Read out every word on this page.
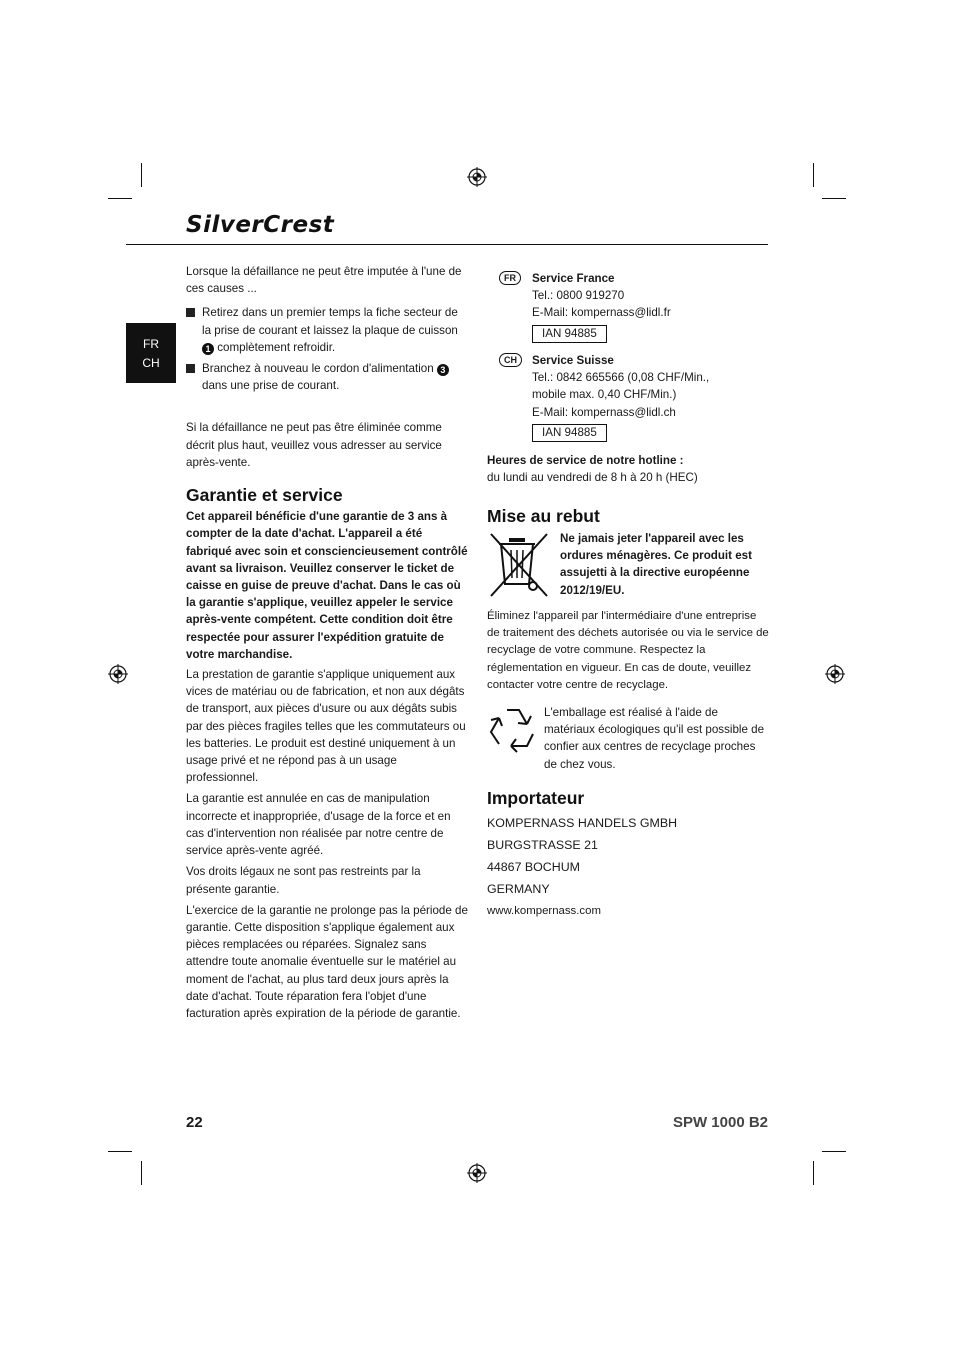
SilverCrest
FR
CH

Lorsque la défaillance ne peut être imputée à l'une de ces causes ...

Retirez dans un premier temps la fiche secteur de la prise de courant et laissez la plaque de cuisson 1 complètement refroidir.
Branchez à nouveau le cordon d'alimentation 3 dans une prise de courant.

Si la défaillance ne peut pas être éliminée comme décrit plus haut, veuillez vous adresser au service après-vente.

Garantie et service

Cet appareil bénéficie d'une garantie de 3 ans à compter de la date d'achat. L'appareil a été fabriqué avec soin et consciencieusement contrôlé avant sa livraison. Veuillez conserver le ticket de caisse en guise de preuve d'achat. Dans le cas où la garantie s'applique, veuillez appeler le service après-vente compétent. Cette condition doit être respectée pour assurer l'expédition gratuite de votre marchandise.

La prestation de garantie s'applique uniquement aux vices de matériau ou de fabrication, et non aux dégâts de transport, aux pièces d'usure ou aux dégâts subis par des pièces fragiles telles que les commutateurs ou les batteries. Le produit est destiné uniquement à un usage privé et ne répond pas à un usage professionnel.

La garantie est annulée en cas de manipulation incorrecte et inappropriée, d'usage de la force et en cas d'intervention non réalisée par notre centre de service après-vente agréé.

Vos droits légaux ne sont pas restreints par la présente garantie.

L'exercice de la garantie ne prolonge pas la période de garantie. Cette disposition s'applique également aux pièces remplacées ou réparées. Signalez sans attendre toute anomalie éventuelle sur le matériel au moment de l'achat, au plus tard deux jours après la date d'achat. Toute réparation fera l'objet d'une facturation après expiration de la période de garantie.

FR	Service France
Tel.: 0800 919270
E-Mail: kompernass@lidl.fr
IAN 94885
CH	Service Suisse
Tel.: 0842 665566 (0,08 CHF/Min.,
mobile max. 0,40 CHF/Min.)
E-Mail: kompernass@lidl.ch
IAN 94885
Heures de service de notre hotline :
du lundi au vendredi de 8 h à 20 h (HEC)
Mise au rebut
Ne jamais jeter l'appareil avec les ordures ménagères. Ce produit est assujetti à la directive européenne 2012/19/EU.
Éliminez l'appareil par l'intermédiaire d'une entreprise de traitement des déchets autorisée ou via le service de recyclage de votre commune. Respectez la réglementation en vigueur. En cas de doute, veuillez contacter votre centre de recyclage.
L'emballage est réalisé à l'aide de matériaux écologiques qu'il est possible de confier aux centres de recyclage proches de chez vous.
Importateur
KOMPERNASS HANDELS GMBH
BURGSTRASSE 21
44867 BOCHUM
GERMANY
www.kompernass.com
22	SPW 1000 B2
